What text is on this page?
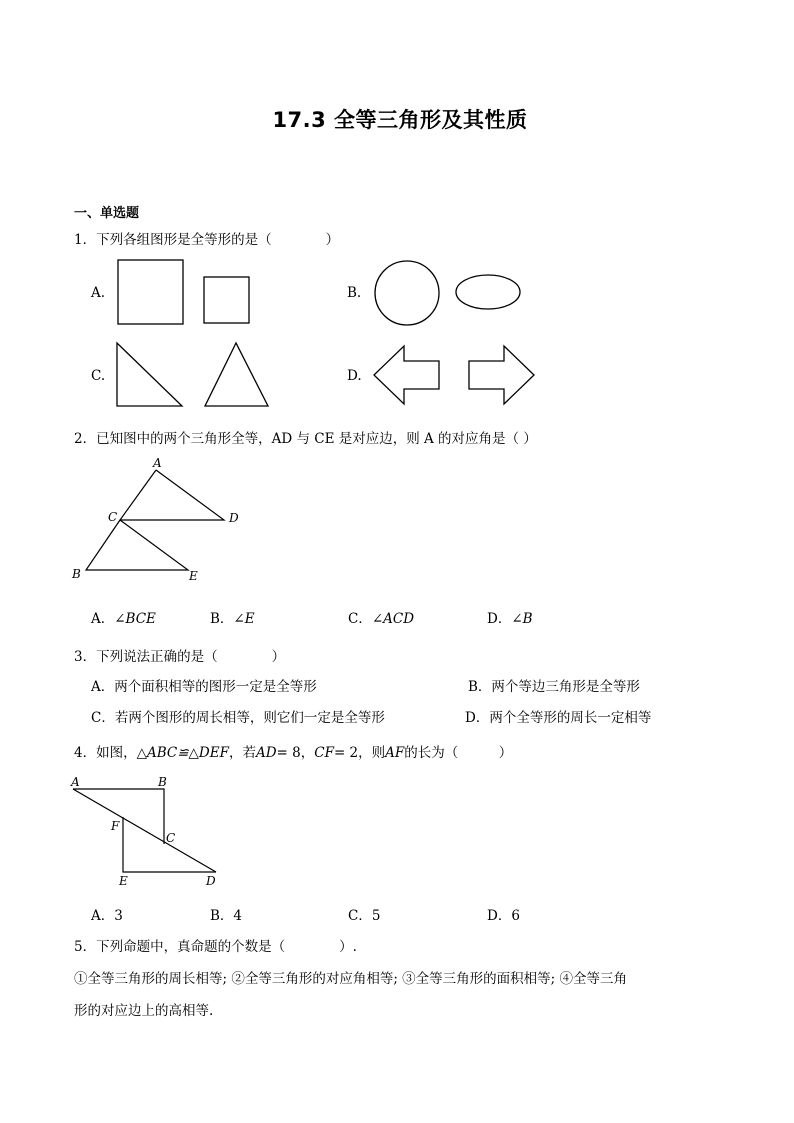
17.3 全等三角形及其性质
一、单选题
1．下列各组图形是全等形的是（　　　　）
A.	B.
C.	D.
2．已知图中的两个三角形全等，AD 与 CE 是对应边，则 A 的对应角是（ ）
A
C	D
B	E
A．∠BCE	B．∠E	C．∠ACD	D．∠B
3．下列说法正确的是（　　　　）
A．两个面积相等的图形一定是全等形	B．两个等边三角形是全等形
C．若两个图形的周长相等，则它们一定是全等形	D．两个全等形的周长一定相等
4．如图，△ABC≌△DEF，若AD= 8，CF= 2，则AF的长为（　　　）
A	B
F
C
E	D
A．3	B．4	C．5	D．6
5．下列命题中，真命题的个数是（　　　　）.
①全等三角形的周长相等; ②全等三角形的对应角相等; ③全等三角形的面积相等; ④全等三角
形的对应边上的高相等.
